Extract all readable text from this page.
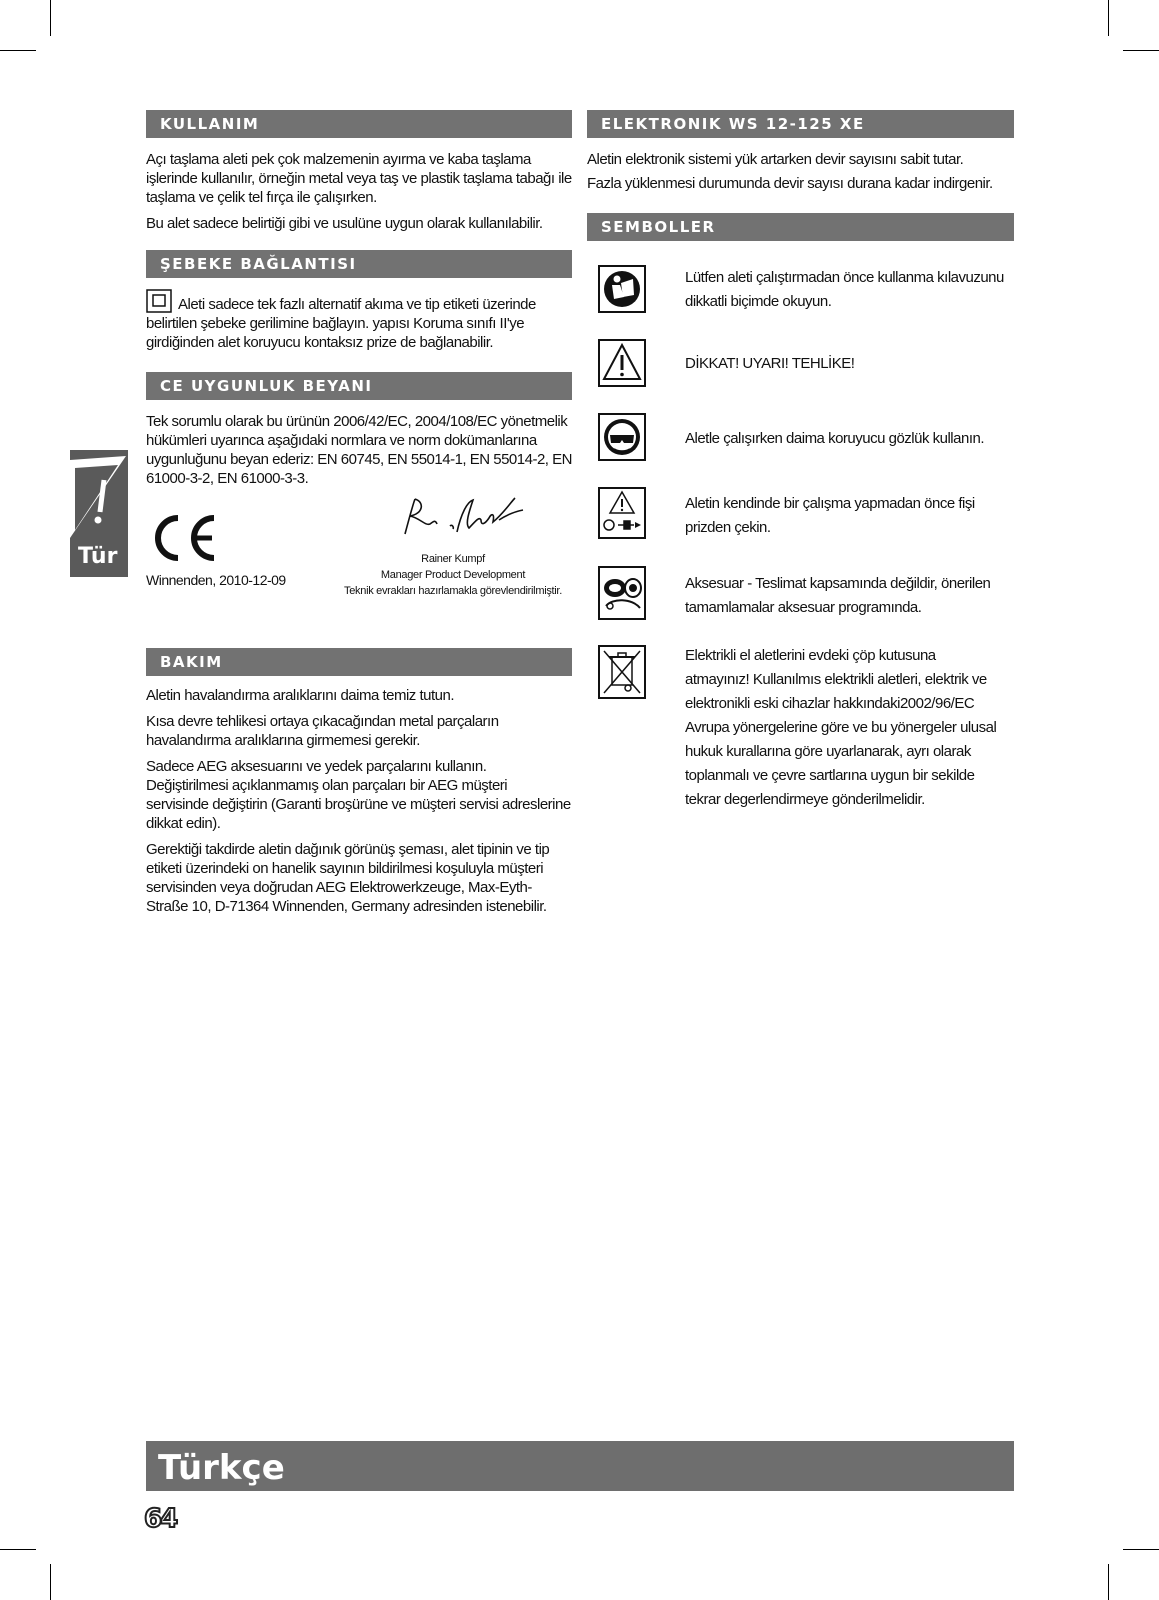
Tür
KULLANIM

Açı taşlama aleti pek çok malzemenin ayırma ve kaba taşlama işlerinde kullanılır, örneğin metal veya taş ve plastik taşlama tabağı ile taşlama ve çelik tel fırça ile çalışırken.

Bu alet sadece belirtiği gibi ve usulüne uygun olarak kullanılabilir.

ŞEBEKE BAĞLANTISI

Aleti sadece tek fazlı alternatif akıma ve tip etiketi üzerinde belirtilen şebeke gerilimine bağlayın. yapısı Koruma sınıfı II'ye girdiğinden alet koruyucu kontaksız prize de bağlanabilir.

CE UYGUNLUK BEYANI

Tek sorumlu olarak bu ürünün 2006/42/EC, 2004/108/EC yönetmelik hükümleri uyarınca aşağıdaki normlara ve norm dokümanlarına uygunluğunu beyan ederiz: EN 60745, EN 55014-1, EN 55014-2, EN 61000-3-2, EN 61000-3-3.

Winnenden, 2010-12-09
Rainer Kumpf
Manager Product Development
Teknik evrakları hazırlamakla görevlendirilmiştir.
BAKIM

Aletin havalandırma aralıklarını daima temiz tutun.

Kısa devre tehlikesi ortaya çıkacağından metal parçaların havalandırma aralıklarına girmemesi gerekir.

Sadece AEG aksesuarını ve yedek parçalarını kullanın. Değiştirilmesi açıklanmamış olan parçaları bir AEG müşteri servisinde değiştirin (Garanti broşürüne ve müşteri servisi adreslerine dikkat edin).

Gerektiği takdirde aletin dağınık görünüş şeması, alet tipinin ve tip etiketi üzerindeki on hanelik sayının bildirilmesi koşuluyla müşteri servisinden veya doğrudan AEG Elektrowerkzeuge, Max-Eyth-Straße 10, D-71364 Winnenden, Germany adresinden istenebilir.

ELEKTRONIK WS 12-125 XE
Aletin elektronik sistemi yük artarken devir sayısını sabit tutar.
Fazla yüklenmesi durumunda devir sayısı durana kadar indirgenir.
SEMBOLLER
Lütfen aleti çalıştırmadan önce kullanma kılavuzunu dikkatli biçimde okuyun.
DİKKAT! UYARI! TEHLİKE!
Aletle çalışırken daima koruyucu gözlük kullanın.
Aletin kendinde bir çalışma yapmadan önce fişi prizden çekin.
Aksesuar - Teslimat kapsamında değildir, önerilen tamamlamalar aksesuar programında.
Elektrikli el aletlerini evdeki çöp kutusuna atmayınız! Kullanılmıs elektrikli aletleri, elektrik ve elektronikli eski cihazlar hakkındaki2002/96/EC Avrupa yönergelerine göre ve bu yönergeler ulusal hukuk kurallarına göre uyarlanarak, ayrı olarak toplanmalı ve çevre sartlarına uygun bir sekilde tekrar degerlendirmeye gönderilmelidir.
Türkçe
64
